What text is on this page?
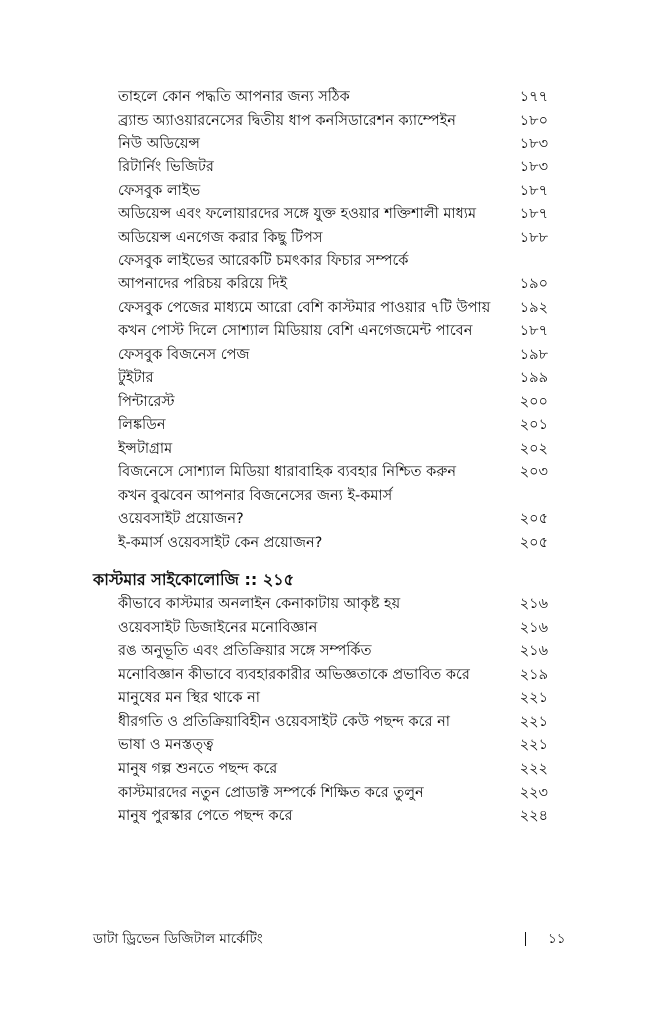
তাহলে কোন পদ্ধতি আপনার জন্য সঠিক	১৭৭
ব্র্যান্ড অ্যাওয়ারনেসের দ্বিতীয় ধাপ কনসিডারেশন ক্যাম্পেইন	১৮০
নিউ অডিয়েন্স	১৮৩
রিটার্নিং ভিজিটর	১৮৩
ফেসবুক লাইভ	১৮৭
অডিয়েন্স এবং ফলোয়ারদের সঙ্গে যুক্ত হওয়ার শক্তিশালী মাধ্যম	১৮৭
অডিয়েন্স এনগেজ করার কিছু টিপস	১৮৮
ফেসবুক লাইভের আরেকটি চমৎকার ফিচার সম্পর্কে
আপনাদের পরিচয় করিয়ে দিই	১৯০
ফেসবুক পেজের মাধ্যমে আরো বেশি কাস্টমার পাওয়ার ৭টি উপায়	১৯২
কখন পোস্ট দিলে সোশ্যাল মিডিয়ায় বেশি এনগেজমেন্ট পাবেন	১৮৭
ফেসবুক বিজনেস পেজ	১৯৮
টুইটার	১৯৯
পিন্টারেস্ট	২০০
লিঙ্কডিন	২০১
ইন্সটাগ্রাম	২০২
বিজনেসে সোশ্যাল মিডিয়া ধারাবাহিক ব্যবহার নিশ্চিত করুন	২০৩
কখন বুঝবেন আপনার বিজনেসের জন্য ই-কমার্স
ওয়েবসাইট প্রয়োজন?	২০৫
ই-কমার্স ওয়েবসাইট কেন প্রয়োজন?	২০৫
কাস্টমার সাইকোলোজি :: ২১৫
কীভাবে কাস্টমার অনলাইন কেনাকাটায় আকৃষ্ট হয়	২১৬
ওয়েবসাইট ডিজাইনের মনোবিজ্ঞান	২১৬
রঙ অনুভূতি এবং প্রতিক্রিয়ার সঙ্গে সম্পর্কিত	২১৬
মনোবিজ্ঞান কীভাবে ব্যবহারকারীর অভিজ্ঞতাকে প্রভাবিত করে	২১৯
মানুষের মন স্থির থাকে না	২২১
ধীরগতি ও প্রতিক্রিয়াবিহীন ওয়েবসাইট কেউ পছন্দ করে না	২২১
ভাষা ও মনস্তত্ত্ব	২২১
মানুষ গল্প শুনতে পছন্দ করে	২২২
কাস্টমারদের নতুন প্রোডাক্ট সম্পর্কে শিক্ষিত করে তুলুন	২২৩
মানুষ পুরস্কার পেতে পছন্দ করে	২২৪
ডাটা ড্রিভেন ডিজিটাল মার্কেটিং	১১
